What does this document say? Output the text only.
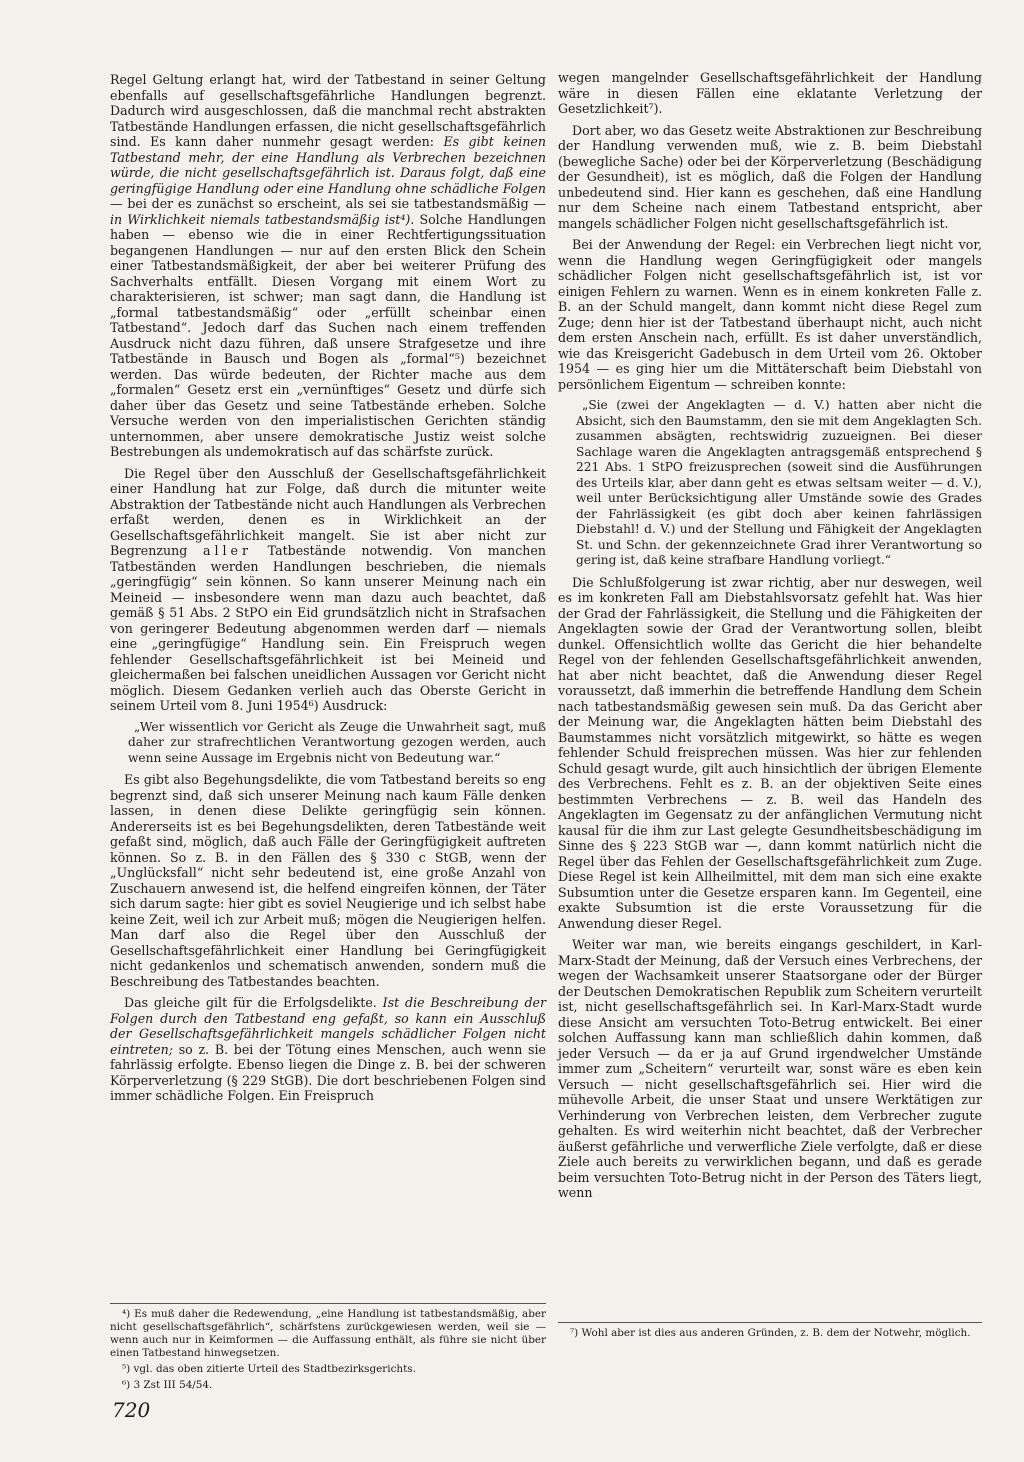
Regel Geltung erlangt hat, wird der Tatbestand in seiner Geltung ebenfalls auf gesellschaftsgefährliche Handlungen begrenzt. Dadurch wird ausgeschlossen, daß die manchmal recht abstrakten Tatbestände Handlungen erfassen, die nicht gesellschaftsgefährlich sind. Es kann daher nunmehr gesagt werden: Es gibt keinen Tatbestand mehr, der eine Handlung als Verbrechen bezeichnen würde, die nicht gesellschaftsgefährlich ist. Daraus folgt, daß eine geringfügige Handlung oder eine Handlung ohne schädliche Folgen — bei der es zunächst so erscheint, als sei sie tatbestandsmäßig — in Wirklichkeit niemals tatbestandsmäßig ist⁴). Solche Handlungen haben — ebenso wie die in einer Rechtfertigungssituation begangenen Handlungen — nur auf den ersten Blick den Schein einer Tatbestandsmäßigkeit, der aber bei weiterer Prüfung des Sachverhalts entfällt. Diesen Vorgang mit einem Wort zu charakterisieren, ist schwer; man sagt dann, die Handlung ist „formal tatbestandsmäßig“ oder „erfüllt scheinbar einen Tatbestand“. Jedoch darf das Suchen nach einem treffenden Ausdruck nicht dazu führen, daß unsere Strafgesetze und ihre Tatbestände in Bausch und Bogen als „formal“⁵) bezeichnet werden. Das würde bedeuten, der Richter mache aus dem „formalen“ Gesetz erst ein „vernünftiges“ Gesetz und dürfe sich daher über das Gesetz und seine Tatbestände erheben. Solche Versuche werden von den imperialistischen Gerichten ständig unternommen, aber unsere demokratische Justiz weist solche Bestrebungen als undemokratisch auf das schärfste zurück.

Die Regel über den Ausschluß der Gesellschaftsgefährlichkeit einer Handlung hat zur Folge, daß durch die mitunter weite Abstraktion der Tatbestände nicht auch Handlungen als Verbrechen erfaßt werden, denen es in Wirklichkeit an der Gesellschaftsgefährlichkeit mangelt. Sie ist aber nicht zur Begrenzung aller Tatbestände notwendig. Von manchen Tatbeständen werden Handlungen beschrieben, die niemals „geringfügig“ sein können. So kann unserer Meinung nach ein Meineid — insbesondere wenn man dazu auch beachtet, daß gemäß § 51 Abs. 2 StPO ein Eid grundsätzlich nicht in Strafsachen von geringerer Bedeutung abgenommen werden darf — niemals eine „geringfügige“ Handlung sein. Ein Freispruch wegen fehlender Gesellschaftsgefährlichkeit ist bei Meineid und gleichermaßen bei falschen uneidlichen Aussagen vor Gericht nicht möglich. Diesem Gedanken verlieh auch das Oberste Gericht in seinem Urteil vom 8. Juni 1954⁶) Ausdruck:

„Wer wissentlich vor Gericht als Zeuge die Unwahrheit sagt, muß daher zur strafrechtlichen Verantwortung gezogen werden, auch wenn seine Aussage im Ergebnis nicht von Bedeutung war.“

Es gibt also Begehungsdelikte, die vom Tatbestand bereits so eng begrenzt sind, daß sich unserer Meinung nach kaum Fälle denken lassen, in denen diese Delikte geringfügig sein können. Andererseits ist es bei Begehungsdelikten, deren Tatbestände weit gefaßt sind, möglich, daß auch Fälle der Geringfügigkeit auftreten können. So z. B. in den Fällen des § 330 c StGB, wenn der „Unglücksfall“ nicht sehr bedeutend ist, eine große Anzahl von Zuschauern anwesend ist, die helfend eingreifen können, der Täter sich darum sagte: hier gibt es soviel Neugierige und ich selbst habe keine Zeit, weil ich zur Arbeit muß; mögen die Neugierigen helfen. Man darf also die Regel über den Ausschluß der Gesellschaftsgefährlichkeit einer Handlung bei Geringfügigkeit nicht gedankenlos und schematisch anwenden, sondern muß die Beschreibung des Tatbestandes beachten.

Das gleiche gilt für die Erfolgsdelikte. Ist die Beschreibung der Folgen durch den Tatbestand eng gefaßt, so kann ein Ausschluß der Gesellschaftsgefährlichkeit mangels schädlicher Folgen nicht eintreten; so z. B. bei der Tötung eines Menschen, auch wenn sie fahrlässig erfolgte. Ebenso liegen die Dinge z. B. bei der schweren Körperverletzung (§ 229 StGB). Die dort beschriebenen Folgen sind immer schädliche Folgen. Ein Freispruch

wegen mangelnder Gesellschaftsgefährlichkeit der Handlung wäre in diesen Fällen eine eklatante Verletzung der Gesetzlichkeit⁷).

Dort aber, wo das Gesetz weite Abstraktionen zur Beschreibung der Handlung verwenden muß, wie z. B. beim Diebstahl (bewegliche Sache) oder bei der Körperverletzung (Beschädigung der Gesundheit), ist es möglich, daß die Folgen der Handlung unbedeutend sind. Hier kann es geschehen, daß eine Handlung nur dem Scheine nach einem Tatbestand entspricht, aber mangels schädlicher Folgen nicht gesellschaftsgefährlich ist.

Bei der Anwendung der Regel: ein Verbrechen liegt nicht vor, wenn die Handlung wegen Geringfügigkeit oder mangels schädlicher Folgen nicht gesellschaftsgefährlich ist, ist vor einigen Fehlern zu warnen. Wenn es in einem konkreten Falle z. B. an der Schuld mangelt, dann kommt nicht diese Regel zum Zuge; denn hier ist der Tatbestand überhaupt nicht, auch nicht dem ersten Anschein nach, erfüllt. Es ist daher unverständlich, wie das Kreisgericht Gadebusch in dem Urteil vom 26. Oktober 1954 — es ging hier um die Mittäterschaft beim Diebstahl von persönlichem Eigentum — schreiben konnte:

„Sie (zwei der Angeklagten — d. V.) hatten aber nicht die Absicht, sich den Baumstamm, den sie mit dem Angeklagten Sch. zusammen absägten, rechtswidrig zuzueignen. Bei dieser Sachlage waren die Angeklagten antragsgemäß entsprechend § 221 Abs. 1 StPO freizusprechen (soweit sind die Ausführungen des Urteils klar, aber dann geht es etwas seltsam weiter — d. V.), weil unter Berücksichtigung aller Umstände sowie des Grades der Fahrlässigkeit (es gibt doch aber keinen fahrlässigen Diebstahl! d. V.) und der Stellung und Fähigkeit der Angeklagten St. und Schn. der gekennzeichnete Grad ihrer Verantwortung so gering ist, daß keine strafbare Handlung vorliegt.“

Die Schlußfolgerung ist zwar richtig, aber nur deswegen, weil es im konkreten Fall am Diebstahlsvorsatz gefehlt hat. Was hier der Grad der Fahrlässigkeit, die Stellung und die Fähigkeiten der Angeklagten sowie der Grad der Verantwortung sollen, bleibt dunkel. Offensichtlich wollte das Gericht die hier behandelte Regel von der fehlenden Gesellschaftsgefährlichkeit anwenden, hat aber nicht beachtet, daß die Anwendung dieser Regel voraussetzt, daß immerhin die betreffende Handlung dem Schein nach tatbestandsmäßig gewesen sein muß. Da das Gericht aber der Meinung war, die Angeklagten hätten beim Diebstahl des Baumstammes nicht vorsätzlich mitgewirkt, so hätte es wegen fehlender Schuld freisprechen müssen. Was hier zur fehlenden Schuld gesagt wurde, gilt auch hinsichtlich der übrigen Elemente des Verbrechens. Fehlt es z. B. an der objektiven Seite eines bestimmten Verbrechens — z. B. weil das Handeln des Angeklagten im Gegensatz zu der anfänglichen Vermutung nicht kausal für die ihm zur Last gelegte Gesundheitsbeschädigung im Sinne des § 223 StGB war —, dann kommt natürlich nicht die Regel über das Fehlen der Gesellschaftsgefährlichkeit zum Zuge. Diese Regel ist kein Allheilmittel, mit dem man sich eine exakte Subsumtion unter die Gesetze ersparen kann. Im Gegenteil, eine exakte Subsumtion ist die erste Voraussetzung für die Anwendung dieser Regel.

Weiter war man, wie bereits eingangs geschildert, in Karl-Marx-Stadt der Meinung, daß der Versuch eines Verbrechens, der wegen der Wachsamkeit unserer Staatsorgane oder der Bürger der Deutschen Demokratischen Republik zum Scheitern verurteilt ist, nicht gesellschaftsgefährlich sei. In Karl-Marx-Stadt wurde diese Ansicht am versuchten Toto-Betrug entwickelt. Bei einer solchen Auffassung kann man schließlich dahin kommen, daß jeder Versuch — da er ja auf Grund irgendwelcher Umstände immer zum „Scheitern“ verurteilt war, sonst wäre es eben kein Versuch — nicht gesellschaftsgefährlich sei. Hier wird die mühevolle Arbeit, die unser Staat und unsere Werktätigen zur Verhinderung von Verbrechen leisten, dem Verbrecher zugute gehalten. Es wird weiterhin nicht beachtet, daß der Verbrecher äußerst gefährliche und verwerfliche Ziele verfolgte, daß er diese Ziele auch bereits zu verwirklichen begann, und daß es gerade beim versuchten Toto-Betrug nicht in der Person des Täters liegt, wenn

⁴) Es muß daher die Redewendung, „eine Handlung ist tatbestandsmäßig, aber nicht gesellschaftsgefährlich“, schärfstens zurückgewiesen werden, weil sie — wenn auch nur in Keimformen — die Auffassung enthält, als führe sie nicht über einen Tatbestand hinwegsetzen.

⁵) vgl. das oben zitierte Urteil des Stadtbezirksgerichts.

⁶) 3 Zst III 54/54.

⁷) Wohl aber ist dies aus anderen Gründen, z. B. dem der Notwehr, möglich.

720
